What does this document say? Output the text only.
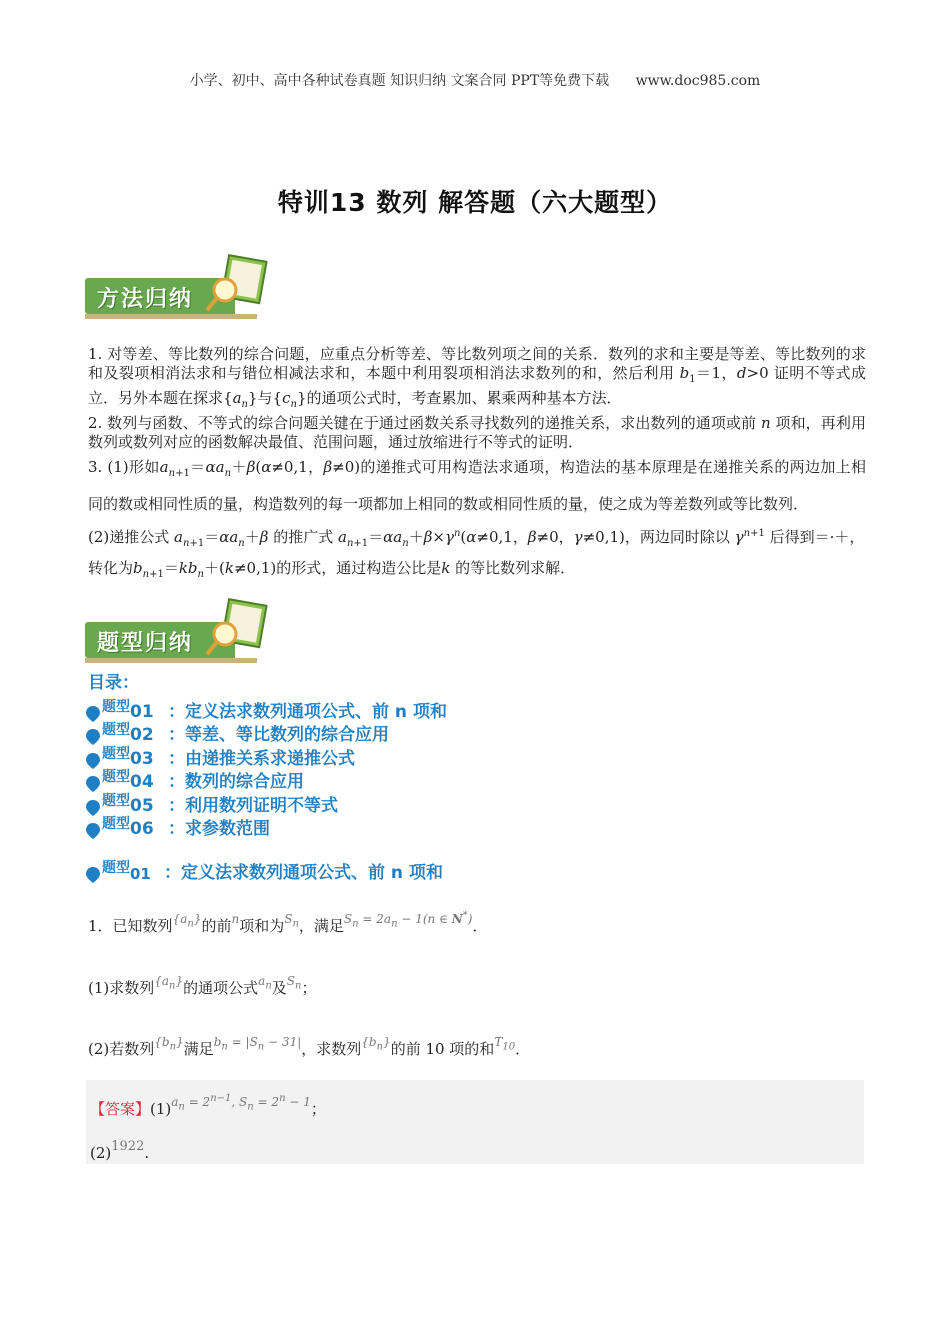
小学、初中、高中各种试卷真题 知识归纳 文案合同 PPT等免费下载 www.doc985.com
特训13 数列 解答题（六大题型）
方法归纳

1. 对等差、等比数列的综合问题，应重点分析等差、等比数列项之间的关系．数列的求和主要是等差、等比数列的求和及裂项相消法求和与错位相减法求和，本题中利用裂项相消法求数列的和，然后利用 $b_1=1$，d>0 证明不等式成立．另外本题在探求$\{a_n\}$与$\{c_n\}$的通项公式时，考查累加、累乘两种基本方法．

2. 数列与函数、不等式的综合问题关键在于通过函数关系寻找数列的递推关系，求出数列的通项或前 n 项和，再利用数列或数列对应的函数解决最值、范围问题，通过放缩进行不等式的证明．

3. (1)形如$a_{n+1}=\alpha a_n+\beta(\alpha\ne 0,1$，β≠0)的递推式可用构造法求通项，构造法的基本原理是在递推关系的两边加上相同的数或相同性质的量，构造数列的每一项都加上相同的数或相同性质的量，使之成为等差数列或等比数列．

(2)递推公式 $a_{n+1}=\alpha a_n+\beta$ 的推广式 $a_{n+1}=\alpha a_n+\beta\times\gamma^n(\alpha\ne 0,1$，β≠0，γ≠0,1)，两边同时除以 $\gamma^{n+1}$ 后得到＝·＋，

转化为$b_{n+1}=kb_n+(k\ne 0,1)$的形式，通过构造公比是k 的等比数列求解．

题型归纳
目录：
题型 01 ：定义法求数列通项公式、前 n 项和
题型 02 ：等差、等比数列的综合应用
题型 03 ：由递推关系求递推公式
题型 04 ：数列的综合应用
题型 05 ：利用数列证明不等式
题型 06 ：求参数范围
题型 01 ：定义法求数列通项公式、前 n 项和
1．已知数列$^{\{a_n\}}$的前$^n$项和为$^{S_n}$，满足$^{S_n = 2a_n - 1(n \in N^*)}$．
(1)求数列$^{\{a_n\}}$的通项公式$^{a_n}$及$^{S_n}$；
(2)若数列$^{\{b_n\}}$满足$^{b_n = |S_n - 31|}$，求数列$^{\{b_n\}}$的前 10 项的和$^{T_{10}}$．
【答案】$(1)^{a_n = 2^{n-1}, S_n = 2^n - 1}$；
(2)1922.
